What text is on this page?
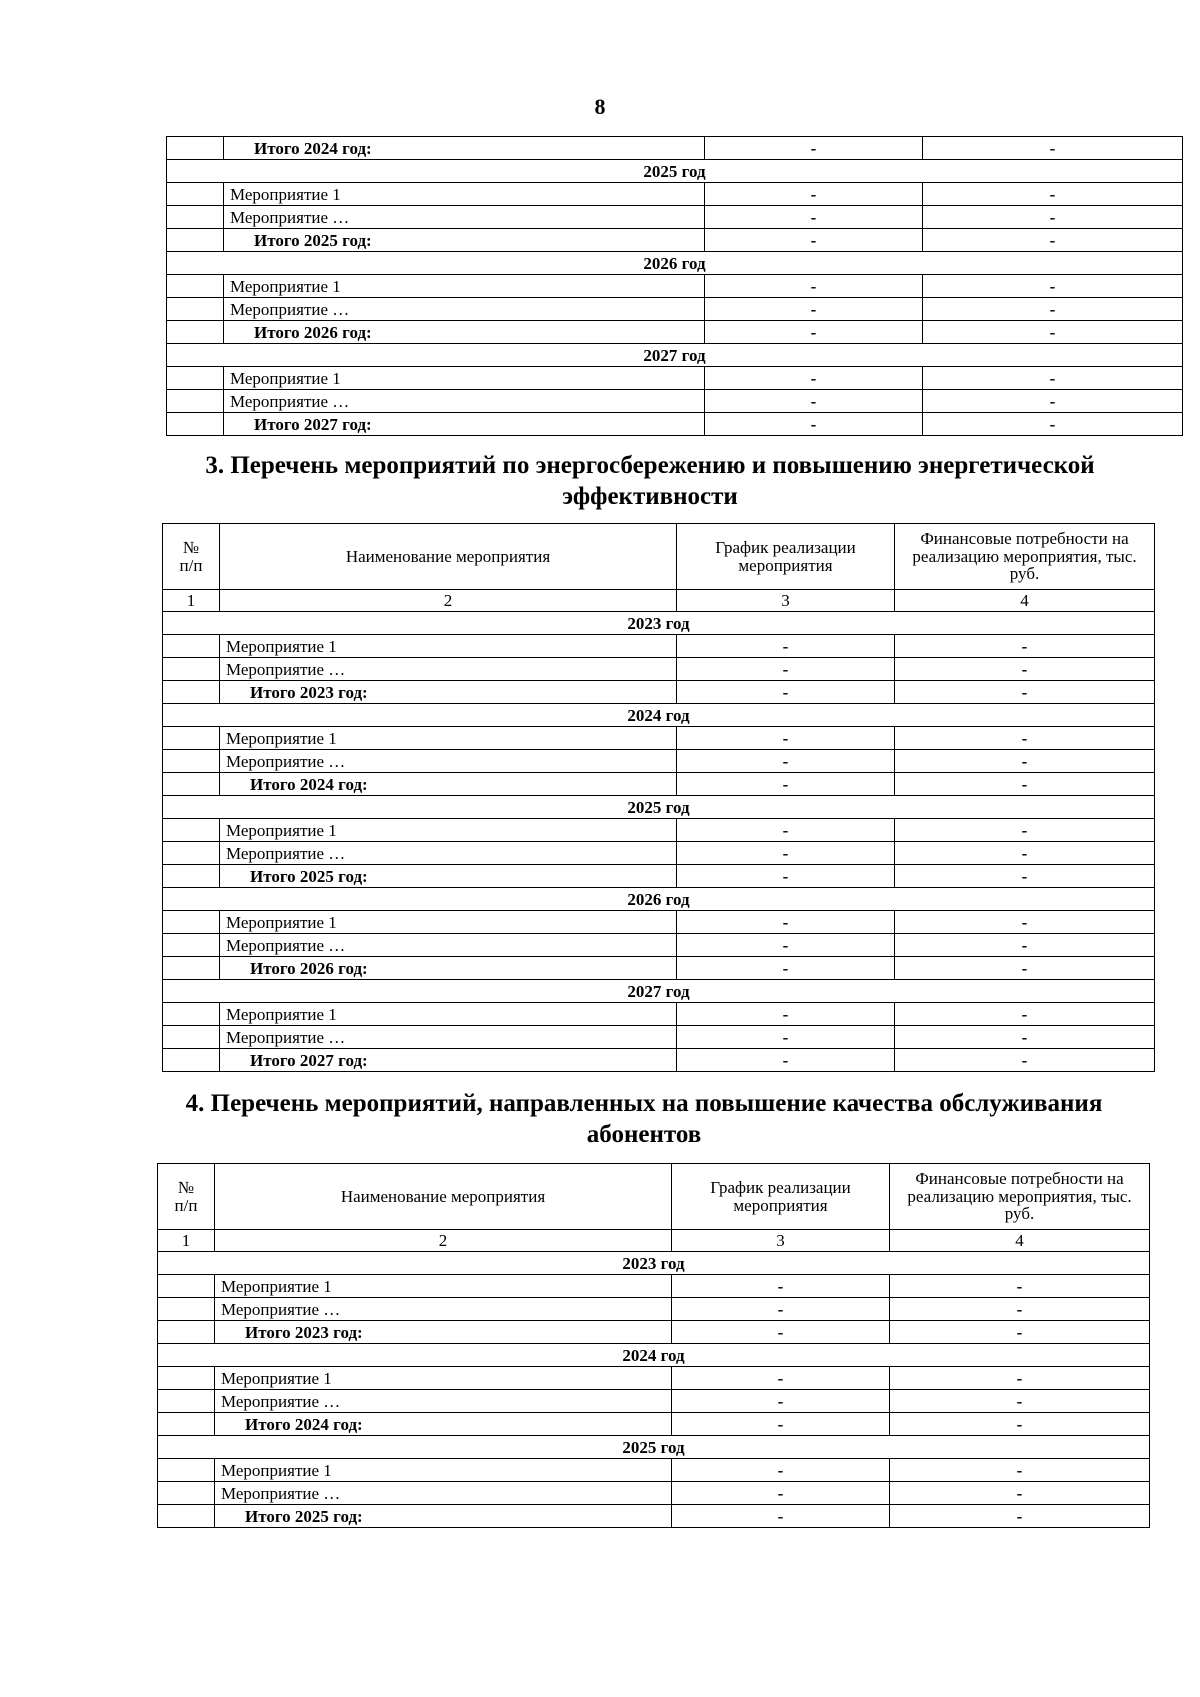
8
	Итого 2024 год:	-	-
2025 год			
	Мероприятие 1	-	-
	Мероприятие …	-	-
	Итого 2025 год:	-	-
2026 год			
	Мероприятие 1	-	-
	Мероприятие …	-	-
	Итого 2026 год:	-	-
2027 год			
	Мероприятие 1	-	-
	Мероприятие …	-	-
	Итого 2027 год:	-	-
3. Перечень мероприятий по энергосбережению и повышению энергетической эффективности
№
п/п	Наименование мероприятия	График реализации мероприятия	Финансовые потребности на реализацию мероприятия, тыс. руб.
1	2	3	4
2023 год			
	Мероприятие 1	-	-
	Мероприятие …	-	-
	Итого 2023 год:	-	-
2024 год			
	Мероприятие 1	-	-
	Мероприятие …	-	-
	Итого 2024 год:	-	-
2025 год			
	Мероприятие 1	-	-
	Мероприятие …	-	-
	Итого 2025 год:	-	-
2026 год			
	Мероприятие 1	-	-
	Мероприятие …	-	-
	Итого 2026 год:	-	-
2027 год			
	Мероприятие 1	-	-
	Мероприятие …	-	-
	Итого 2027 год:	-	-
4. Перечень мероприятий, направленных на повышение качества обслуживания абонентов
№
п/п	Наименование мероприятия	График реализации мероприятия	Финансовые потребности на реализацию мероприятия, тыс. руб.
1	2	3	4
2023 год			
	Мероприятие 1	-	-
	Мероприятие …	-	-
	Итого 2023 год:	-	-
2024 год			
	Мероприятие 1	-	-
	Мероприятие …	-	-
	Итого 2024 год:	-	-
2025 год			
	Мероприятие 1	-	-
	Мероприятие …	-	-
	Итого 2025 год:	-	-
